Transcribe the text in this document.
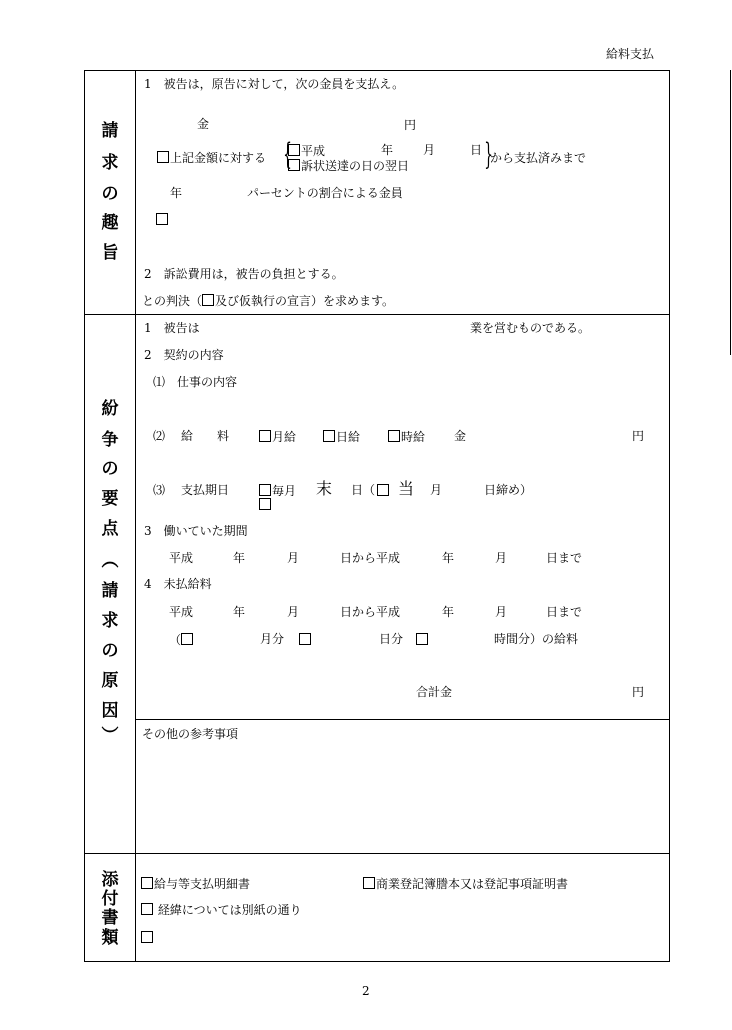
給料支払
請
求
の
趣
旨
1　被告は，原告に対して，次の金員を支払え。
金	円
上記金額に対する { 平成	年 月	日
訴状送達の日の翌日	}
から支払済みまで
年	パーセントの割合による金員
2　訴訟費用は，被告の負担とする。
との判決（ 及び仮執行の宣言）を求めます。
紛
争
の
要
点
︵
請
求
の
原
因
︶
1　被告は	業を営むものである。
2　契約の内容
⑴　仕事の内容
⑵ 給　　料	月給	日給	時給 金	円
⑶ 支払期日	毎月 末 日（ 当 月	日締め）
3　働いていた期間
平成	年	月	日から平成	年	月	日まで
4　未払給料
平成	年	月	日から平成	年	月	日まで
（	月分	日分	時間分）の給料
合計金	円
その他の参考事項
添
付
書
類
給与等支払明細書	商業登記簿謄本又は登記事項証明書
経緯については別紙の通り
2
